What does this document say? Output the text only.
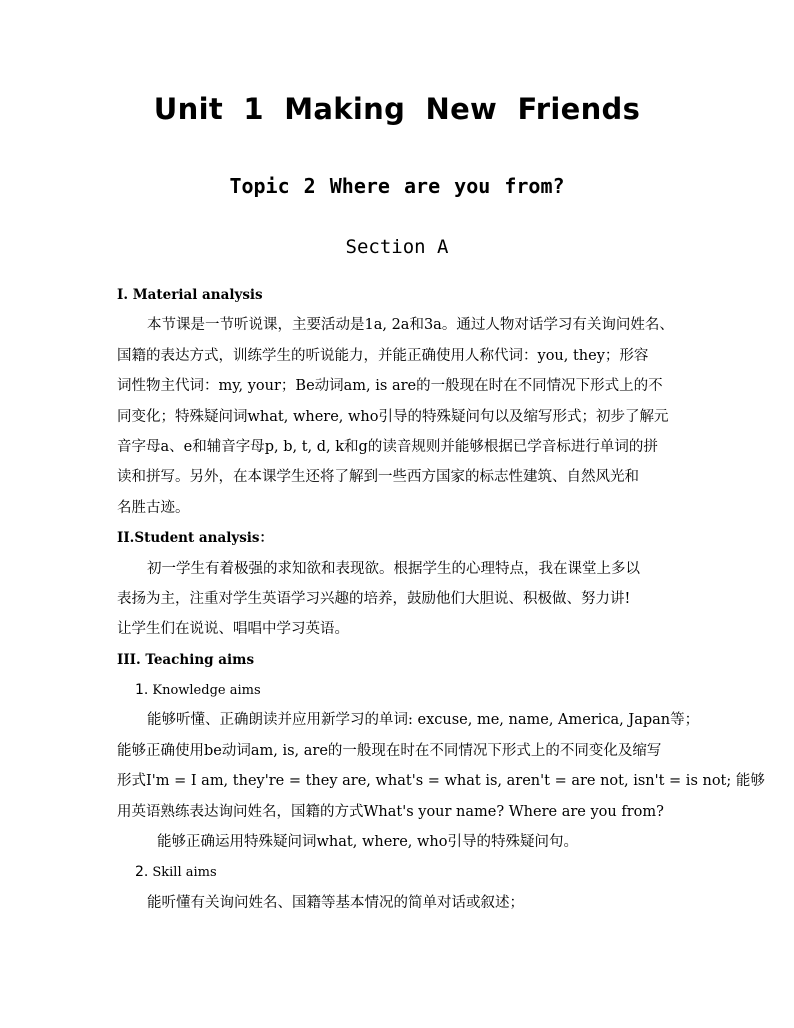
Unit 1 Making New Friends
Topic 2 Where are you from?
Section A
Ⅰ. Material analysis
本节课是一节听说课，主要活动是1a, 2a和3a。通过人物对话学习有关询问姓名、
国籍的表达方式，训练学生的听说能力，并能正确使用人称代词：you, they；形容
词性物主代词：my, your；Be动词am, is are的一般现在时在不同情况下形式上的不
同变化；特殊疑问词what, where, who引导的特殊疑问句以及缩写形式；初步了解元
音字母a、e和辅音字母p, b, t, d, k和g的读音规则并能够根据已学音标进行单词的拼
读和拼写。另外，在本课学生还将了解到一些西方国家的标志性建筑、自然风光和
名胜古迹。
II.Student analysis：
初一学生有着极强的求知欲和表现欲。根据学生的心理特点，我在课堂上多以
表扬为主，注重对学生英语学习兴趣的培养，鼓励他们大胆说、积极做、努力讲!
让学生们在说说、唱唱中学习英语。
III. Teaching aims
1. Knowledge aims
能够听懂、正确朗读并应用新学习的单词: excuse, me, name, America, Japan等；
能够正确使用be动词am, is, are的一般现在时在不同情况下形式上的不同变化及缩写
形式I'm = I am, they're = they are, what's = what is, aren't = are not, isn't = is not; 能够
用英语熟练表达询问姓名，国籍的方式What's your name? Where are you from?
能够正确运用特殊疑问词what, where, who引导的特殊疑问句。
2. Skill aims
能听懂有关询问姓名、国籍等基本情况的简单对话或叙述；
